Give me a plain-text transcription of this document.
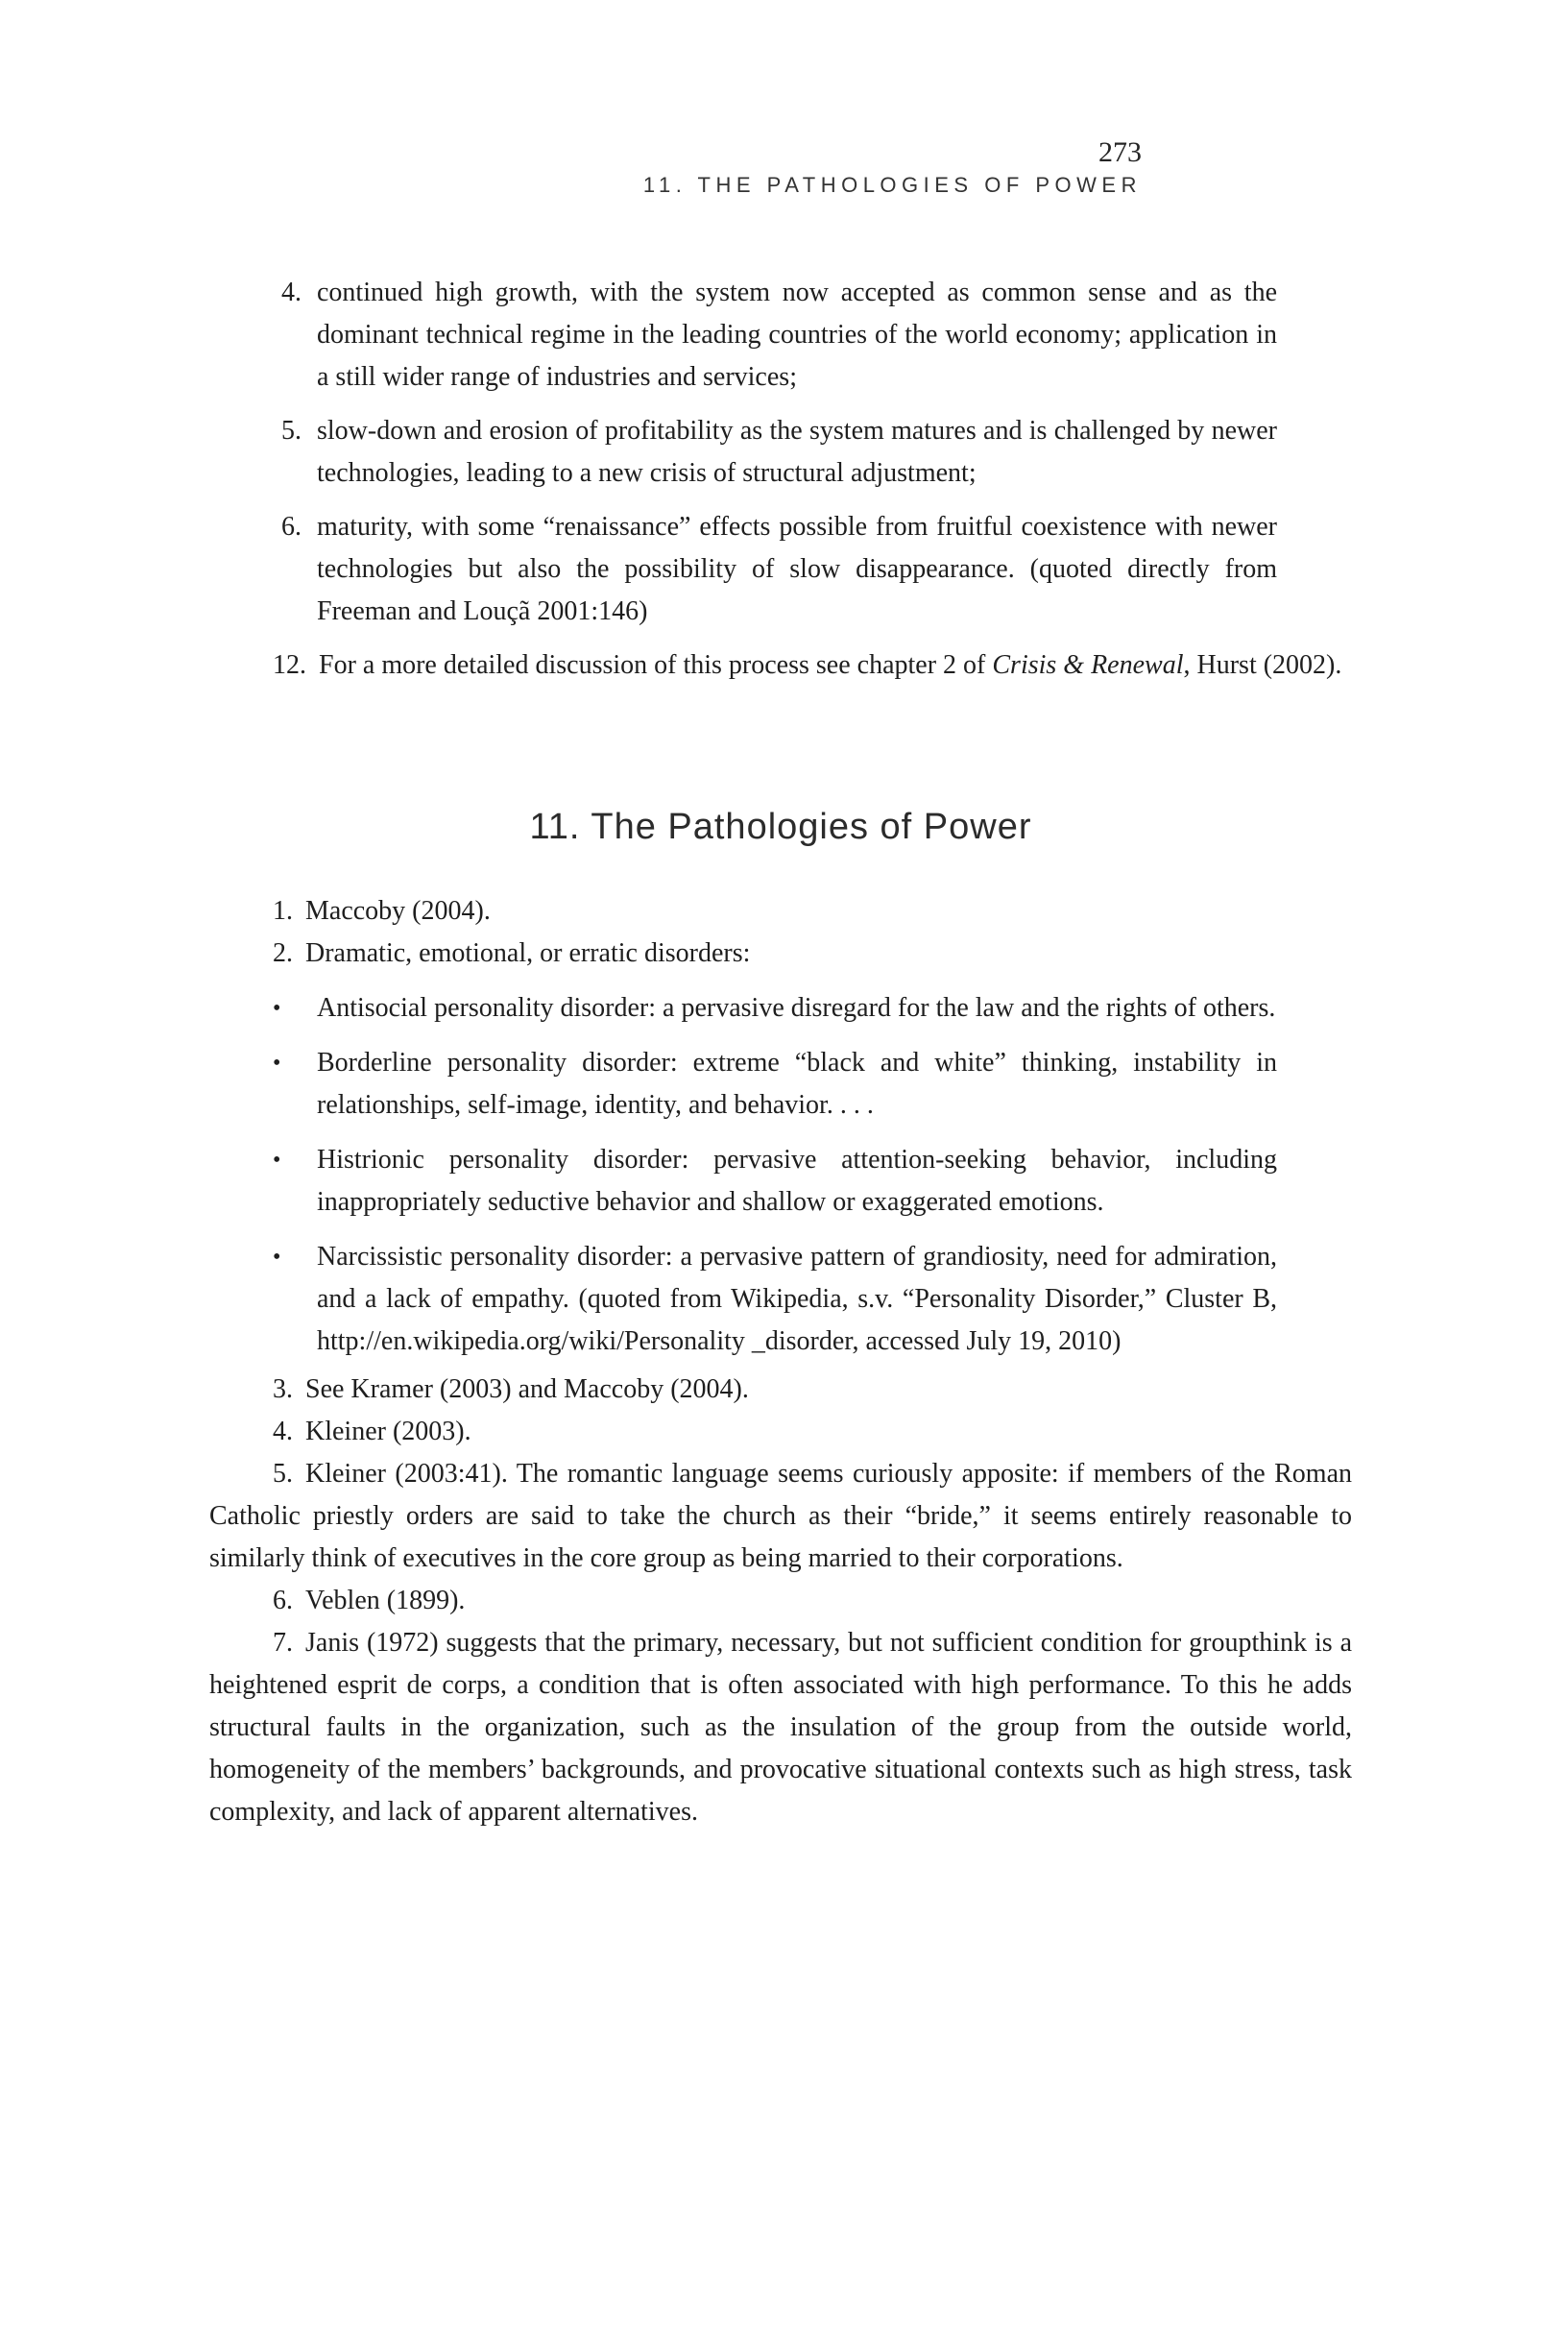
273
11. THE PATHOLOGIES OF POWER
4. continued high growth, with the system now accepted as common sense and as the dominant technical regime in the leading countries of the world economy; application in a still wider range of industries and services;
5. slow-down and erosion of profitability as the system matures and is challenged by newer technologies, leading to a new crisis of structural adjustment;
6. maturity, with some “renaissance” effects possible from fruitful coexistence with newer technologies but also the possibility of slow disappearance. (quoted directly from Freeman and Louçã 2001:146)

12. For a more detailed discussion of this process see chapter 2 of Crisis & Renewal, Hurst (2002).

11. The Pathologies of Power

1. Maccoby (2004).

2. Dramatic, emotional, or erratic disorders:

•	Antisocial personality disorder: a pervasive disregard for the law and the rights of others.
•	Borderline personality disorder: extreme “black and white” thinking, instability in relationships, self-image, identity, and behavior. . . .
•	Histrionic personality disorder: pervasive attention-seeking behavior, including inappropriately seductive behavior and shallow or exaggerated emotions.
•	Narcissistic personality disorder: a pervasive pattern of grandiosity, need for admiration, and a lack of empathy. (quoted from Wikipedia, s.v. “Personality Disorder,” Cluster B, http://en.wikipedia.org/wiki/Personality _disorder, accessed July 19, 2010)

3. See Kramer (2003) and Maccoby (2004).

4. Kleiner (2003).

5. Kleiner (2003:41). The romantic language seems curiously apposite: if members of the Roman Catholic priestly orders are said to take the church as their “bride,” it seems entirely reasonable to similarly think of executives in the core group as being married to their corporations.

6. Veblen (1899).

7. Janis (1972) suggests that the primary, necessary, but not sufficient condition for groupthink is a heightened esprit de corps, a condition that is often associated with high performance. To this he adds structural faults in the organization, such as the insulation of the group from the outside world, homogeneity of the members’ backgrounds, and provocative situational contexts such as high stress, task complexity, and lack of apparent alternatives.
